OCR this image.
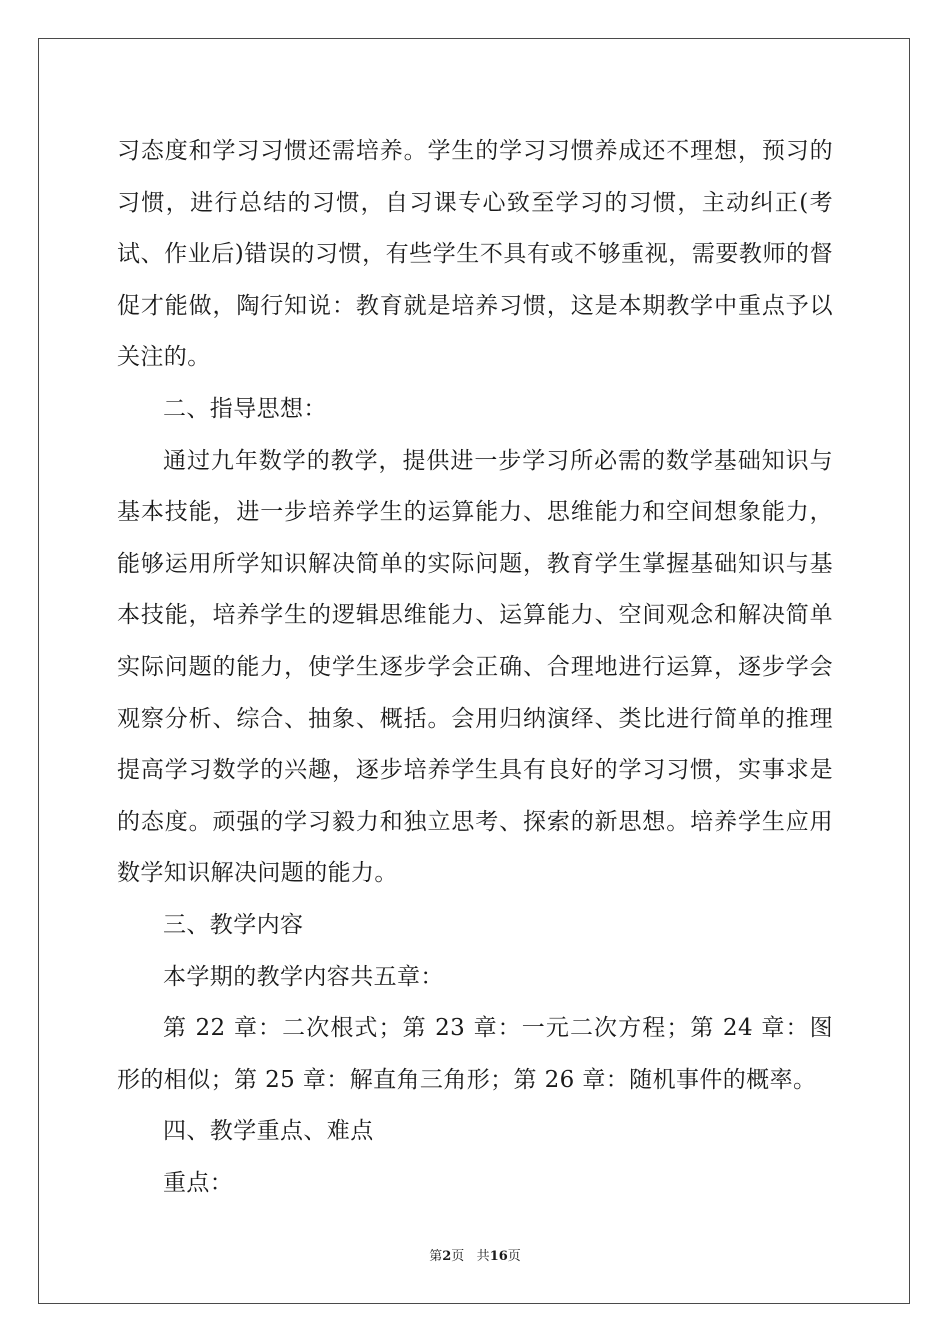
习态度和学习习惯还需培养。学生的学习习惯养成还不理想，预习的习惯，进行总结的习惯，自习课专心致至学习的习惯，主动纠正(考试、作业后)错误的习惯，有些学生不具有或不够重视，需要教师的督促才能做，陶行知说：教育就是培养习惯，这是本期教学中重点予以关注的。

二、指导思想：

通过九年数学的教学，提供进一步学习所必需的数学基础知识与基本技能，进一步培养学生的运算能力、思维能力和空间想象能力，能够运用所学知识解决简单的实际问题，教育学生掌握基础知识与基本技能，培养学生的逻辑思维能力、运算能力、空间观念和解决简单实际问题的能力，使学生逐步学会正确、合理地进行运算，逐步学会观察分析、综合、抽象、概括。会用归纳演绎、类比进行简单的推理提高学习数学的兴趣，逐步培养学生具有良好的学习习惯，实事求是的态度。顽强的学习毅力和独立思考、探索的新思想。培养学生应用数学知识解决问题的能力。

三、教学内容

本学期的教学内容共五章：

第 22 章：二次根式；第 23 章：一元二次方程；第 24 章：图形的相似；第 25 章：解直角三角形；第 26 章：随机事件的概率。

四、教学重点、难点

重点：

第2页 共16页
